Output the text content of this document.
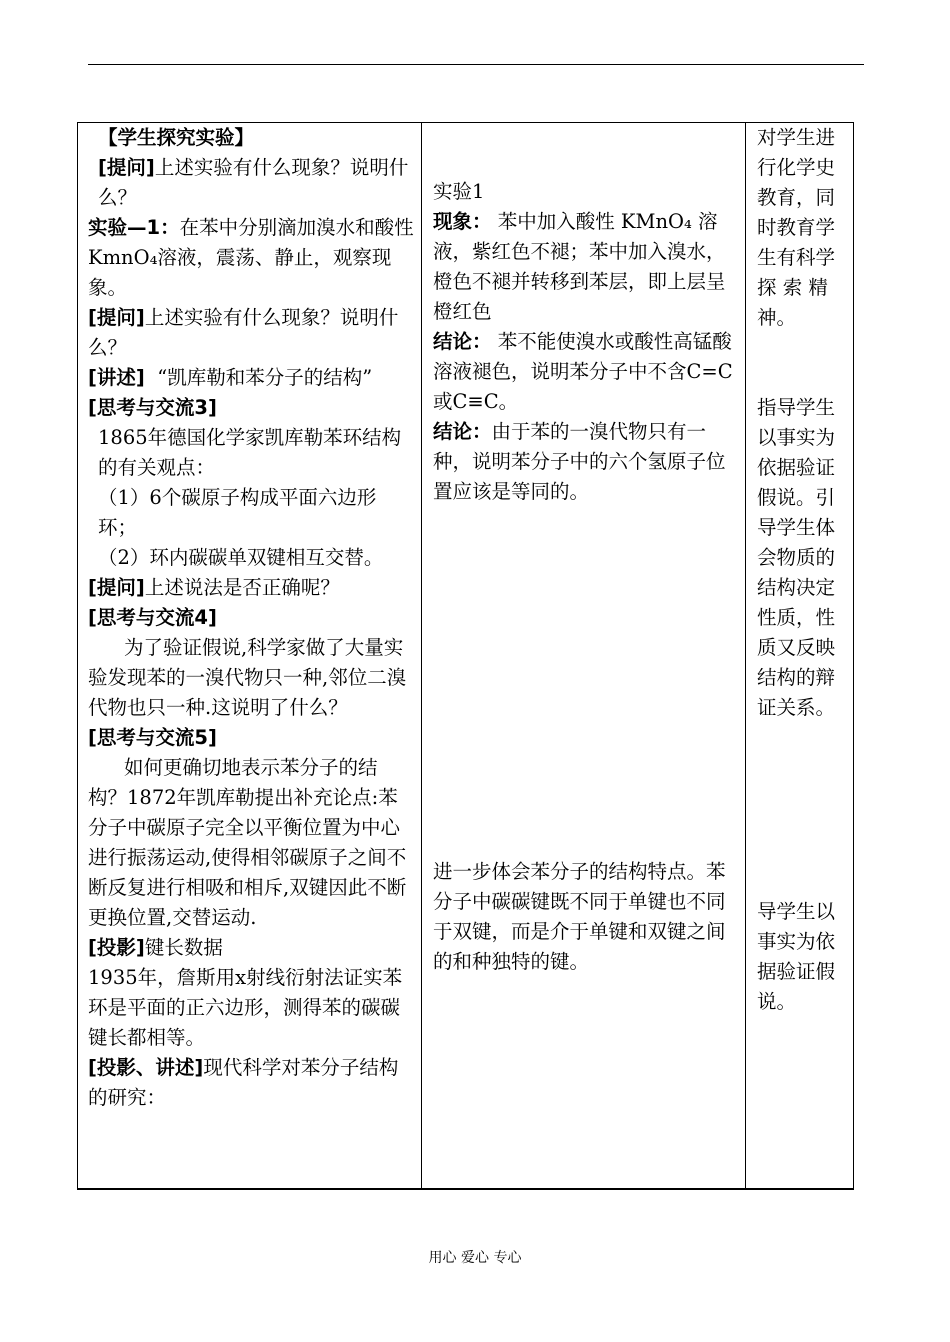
【学生探究实验】
[提问]上述实验有什么现象？说明什么？
实验—1：在苯中分别滴加溴水和酸性KmnO₄溶液，震荡、静止，观察现象。
[提问]上述实验有什么现象？说明什么？
[讲述] “凯库勒和苯分子的结构”
[思考与交流3]
1865年德国化学家凯库勒苯环结构的有关观点：
（1）6个碳原子构成平面六边形环；
（2）环内碳碳单双键相互交替。
[提问]上述说法是否正确呢？
[思考与交流4]
为了验证假说,科学家做了大量实验发现苯的一溴代物只一种,邻位二溴代物也只一种.这说明了什么？
[思考与交流5]
如何更确切地表示苯分子的结构？1872年凯库勒提出补充论点:苯分子中碳原子完全以平衡位置为中心进行振荡运动,使得相邻碳原子之间不断反复进行相吸和相斥,双键因此不断更换位置,交替运动.
[投影]键长数据
1935年，詹斯用x射线衍射法证实苯环是平面的正六边形，测得苯的碳碳键长都相等。
[投影、讲述]现代科学对苯分子结构的研究：
实验1
现象： 苯中加入酸性 KMnO₄ 溶液，紫红色不褪；苯中加入溴水，橙色不褪并转移到苯层，即上层呈橙红色
结论： 苯不能使溴水或酸性高锰酸溶液褪色，说明苯分子中不含C=C 或C≡C。
结论：由于苯的一溴代物只有一种，说明苯分子中的六个氢原子位置应该是等同的。
进一步体会苯分子的结构特点。苯分子中碳碳键既不同于单键也不同于双键，而是介于单键和双键之间的和种独特的键。
对学生进
行化学史
教育，同
时教育学
生有科学
探 索 精
神。
指导学生
以事实为
依据验证
假说。引
导学生体
会物质的
结构决定
性质，性
质又反映
结构的辩
证关系。
导学生以
事实为依
据验证假
说。
用心 爱心 专心
